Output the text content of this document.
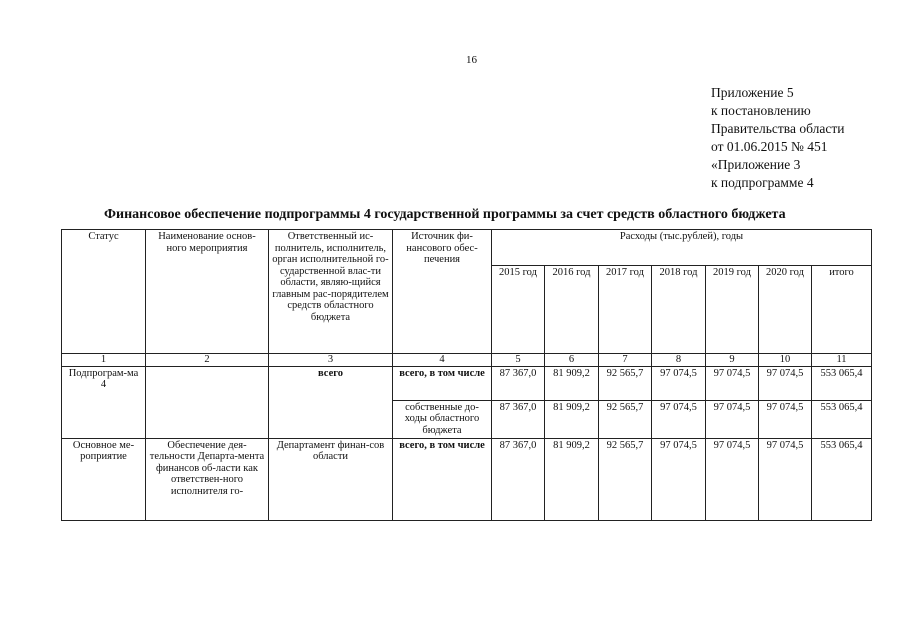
16
Приложение 5
к постановлению
Правительства области
от 01.06.2015 № 451
«Приложение 3
к подпрограмме 4
Финансовое обеспечение подпрограммы 4 государственной программы за счет средств областного бюджета
Статус	Наименование основ-ного мероприятия	Ответственный ис-полнитель, исполнитель, орган исполнительной го-сударственной влас-ти области, являю-щийся главным рас-порядителем средств областного бюджета	Источник фи-нансового обес-печения	Расходы (тыс.рублей), годы						
				2015 год	2016 год	2017 год	2018 год	2019 год	2020 год	итого
1	2	3	4	5	6	7	8	9	10	11
Подпрограм-ма 4		всего	всего, в том числе	87 367,0	81 909,2	92 565,7	97 074,5	97 074,5	97 074,5	553 065,4
			собственные до-ходы областного бюджета	87 367,0	81 909,2	92 565,7	97 074,5	97 074,5	97 074,5	553 065,4
Основное ме-роприятие	Обеспечение дея-тельности Департа-мента финансов об-ласти как ответствен-ного исполнителя го-	Департамент финан-сов области	всего, в том числе	87 367,0	81 909,2	92 565,7	97 074,5	97 074,5	97 074,5	553 065,4
